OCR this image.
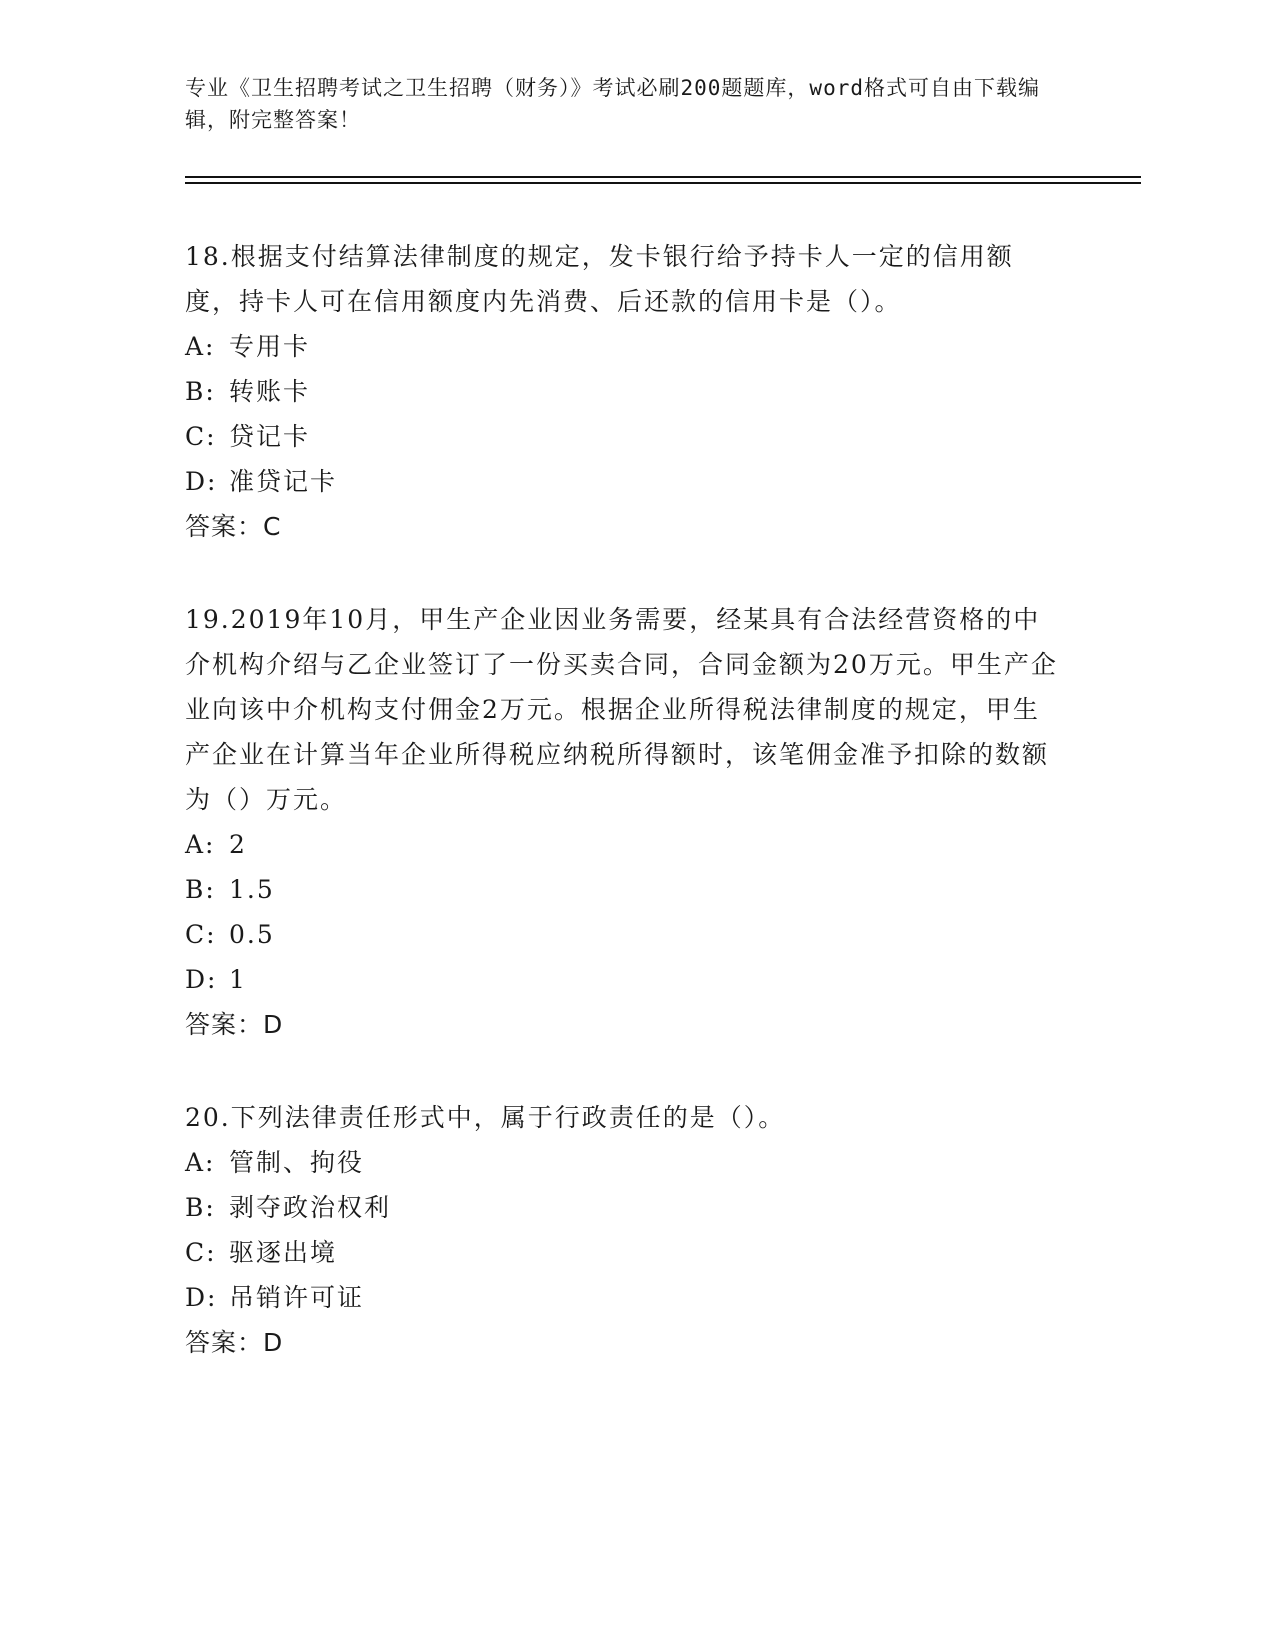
专业《卫生招聘考试之卫生招聘（财务）》考试必刷200题题库，word格式可自由下载编辑，附完整答案！

18.根据支付结算法律制度的规定，发卡银行给予持卡人一定的信用额度，持卡人可在信用额度内先消费、后还款的信用卡是（）。

A: 专用卡

B: 转账卡

C: 贷记卡

D: 准贷记卡

答案：C

19.2019年10月，甲生产企业因业务需要，经某具有合法经营资格的中介机构介绍与乙企业签订了一份买卖合同，合同金额为20万元。甲生产企业向该中介机构支付佣金2万元。根据企业所得税法律制度的规定，甲生产企业在计算当年企业所得税应纳税所得额时，该笔佣金准予扣除的数额为（）万元。

A: 2

B: 1.5

C: 0.5

D: 1

答案：D

20.下列法律责任形式中，属于行政责任的是（）。

A: 管制、拘役

B: 剥夺政治权利

C: 驱逐出境

D: 吊销许可证

答案：D
